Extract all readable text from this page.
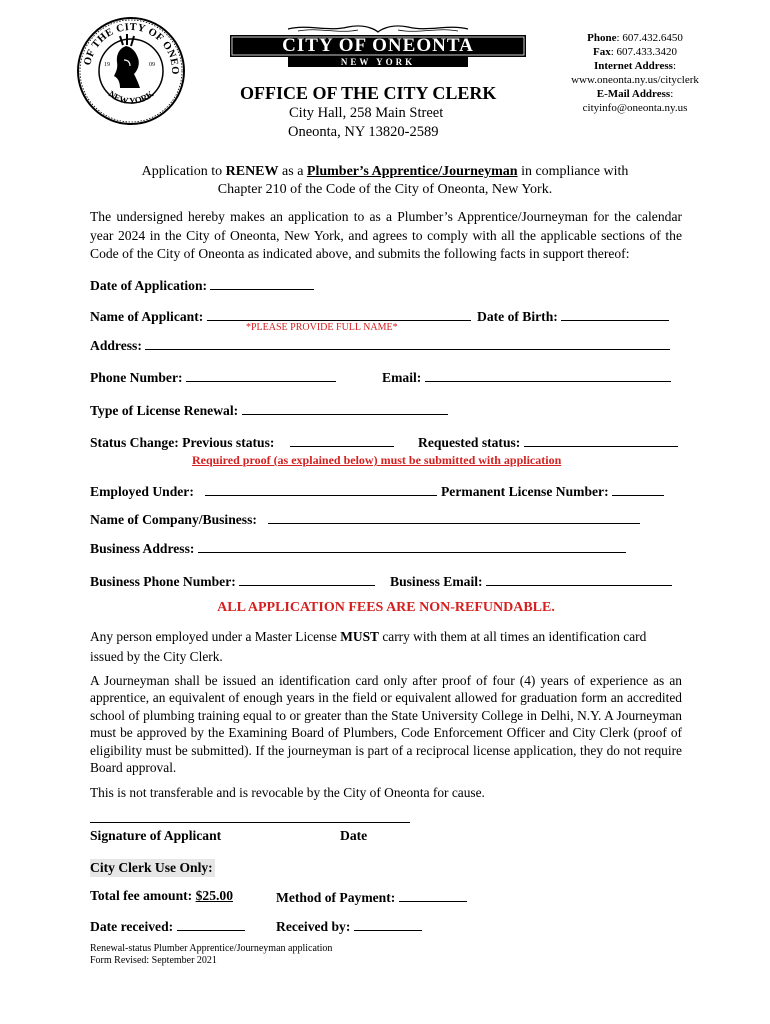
OF THE CITY OF ONEO
NEW YORK
19	09
CITY OF ONEONTA
NEW YORK
OFFICE OF THE CITY CLERK
City Hall, 258 Main Street
Oneonta, NY 13820-2589
Phone: 607.432.6450
Fax: 607.433.3420
Internet Address:
www.oneonta.ny.us/cityclerk
E-Mail Address:
cityinfo@oneonta.ny.us
Application to RENEW as a Plumber’s Apprentice/Journeyman in compliance with
Chapter 210 of the Code of the City of Oneonta, New York.
The undersigned hereby makes an application to as a Plumber’s Apprentice/Journeyman for the calendar year 2024 in the City of Oneonta, New York, and agrees to comply with all the applicable sections of the Code of the City of Oneonta as indicated above, and submits the following facts in support thereof:
Date of Application:
Name of Applicant:	Date of Birth:
*PLEASE PROVIDE FULL NAME*
Address:
Phone Number:	Email:
Type of License Renewal:
Status Change: Previous status:	Requested status:
Required proof (as explained below) must be submitted with application
Employed Under:	Permanent License Number:
Name of Company/Business:
Business Address:
Business Phone Number:	Business Email:
ALL APPLICATION FEES ARE NON-REFUNDABLE.
Any person employed under a Master License MUST carry with them at all times an identification card issued by the City Clerk.
A Journeyman shall be issued an identification card only after proof of four (4) years of experience as an apprentice, an equivalent of enough years in the field or equivalent allowed for graduation form an accredited school of plumbing training equal to or greater than the State University College in Delhi, N.Y. A Journeyman must be approved by the Examining Board of Plumbers, Code Enforcement Officer and City Clerk (proof of eligibility must be submitted). If the journeyman is part of a reciprocal license application, they do not require Board approval.
This is not transferable and is revocable by the City of Oneonta for cause.
Signature of Applicant	Date
City Clerk Use Only:
Total fee amount: $25.00	Method of Payment:
Date received:	Received by:
Renewal-status Plumber Apprentice/Journeyman application
Form Revised: September 2021
